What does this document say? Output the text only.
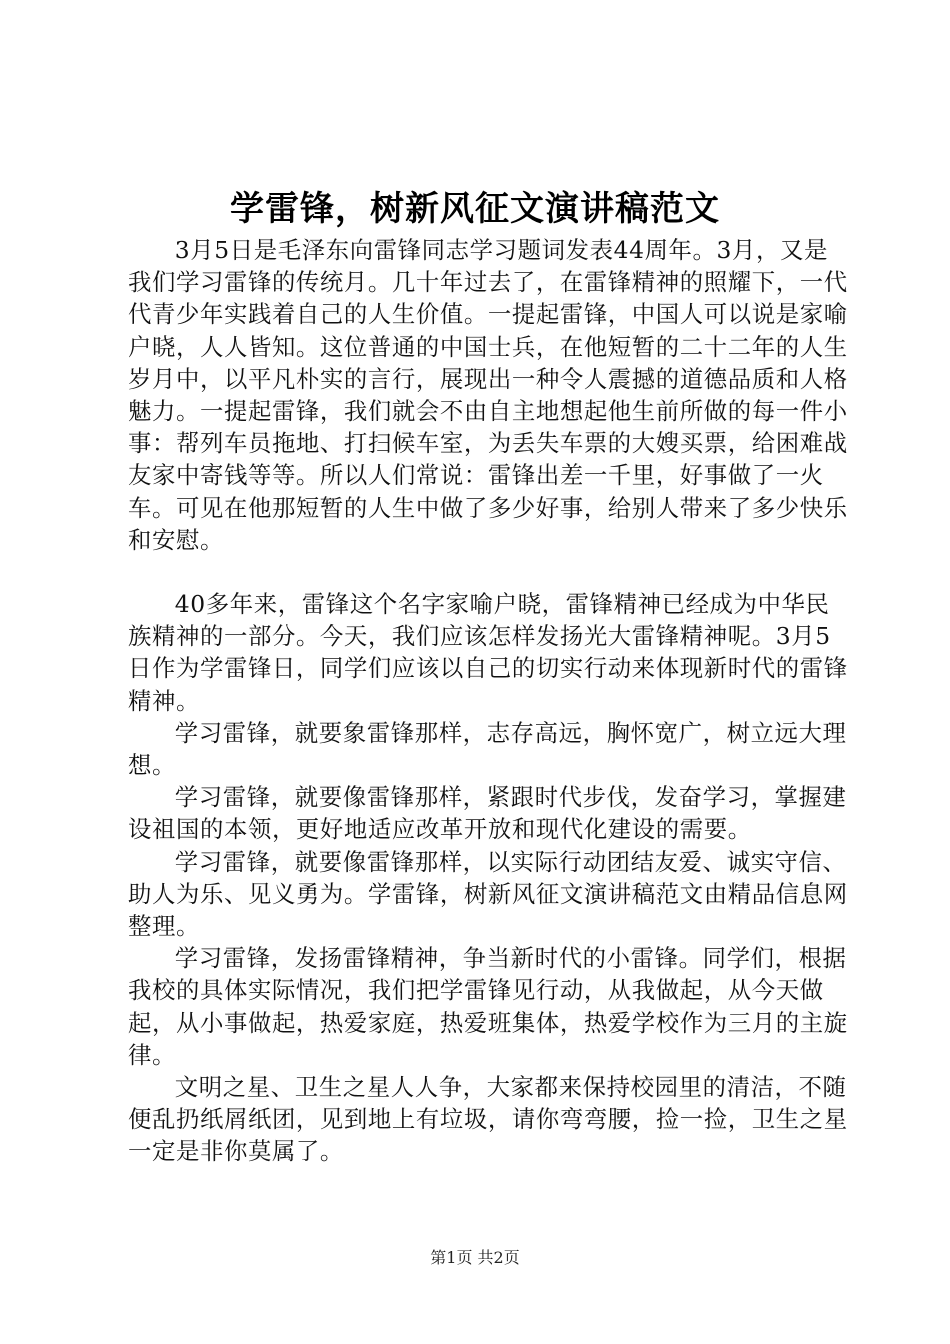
学雷锋，树新风征文演讲稿范文

3月5日是毛泽东向雷锋同志学习题词发表44周年。3月，又是我们学习雷锋的传统月。几十年过去了，在雷锋精神的照耀下，一代代青少年实践着自己的人生价值。一提起雷锋，中国人可以说是家喻户晓，人人皆知。这位普通的中国士兵，在他短暂的二十二年的人生岁月中，以平凡朴实的言行，展现出一种令人震撼的道德品质和人格魅力。一提起雷锋，我们就会不由自主地想起他生前所做的每一件小事：帮列车员拖地、打扫候车室，为丢失车票的大嫂买票，给困难战友家中寄钱等等。所以人们常说：雷锋出差一千里，好事做了一火车。可见在他那短暂的人生中做了多少好事，给别人带来了多少快乐和安慰。

40多年来，雷锋这个名字家喻户晓，雷锋精神已经成为中华民族精神的一部分。今天，我们应该怎样发扬光大雷锋精神呢。3月5日作为学雷锋日，同学们应该以自己的切实行动来体现新时代的雷锋精神。

学习雷锋，就要象雷锋那样，志存高远，胸怀宽广，树立远大理想。

学习雷锋，就要像雷锋那样，紧跟时代步伐，发奋学习，掌握建设祖国的本领，更好地适应改革开放和现代化建设的需要。

学习雷锋，就要像雷锋那样，以实际行动团结友爱、诚实守信、助人为乐、见义勇为。学雷锋，树新风征文演讲稿范文由精品信息网整理。

学习雷锋，发扬雷锋精神，争当新时代的小雷锋。同学们，根据我校的具体实际情况，我们把学雷锋见行动，从我做起，从今天做起，从小事做起，热爱家庭，热爱班集体，热爱学校作为三月的主旋律。

文明之星、卫生之星人人争，大家都来保持校园里的清洁，不随便乱扔纸屑纸团，见到地上有垃圾，请你弯弯腰，捡一捡，卫生之星一定是非你莫属了。

第1页 共2页
